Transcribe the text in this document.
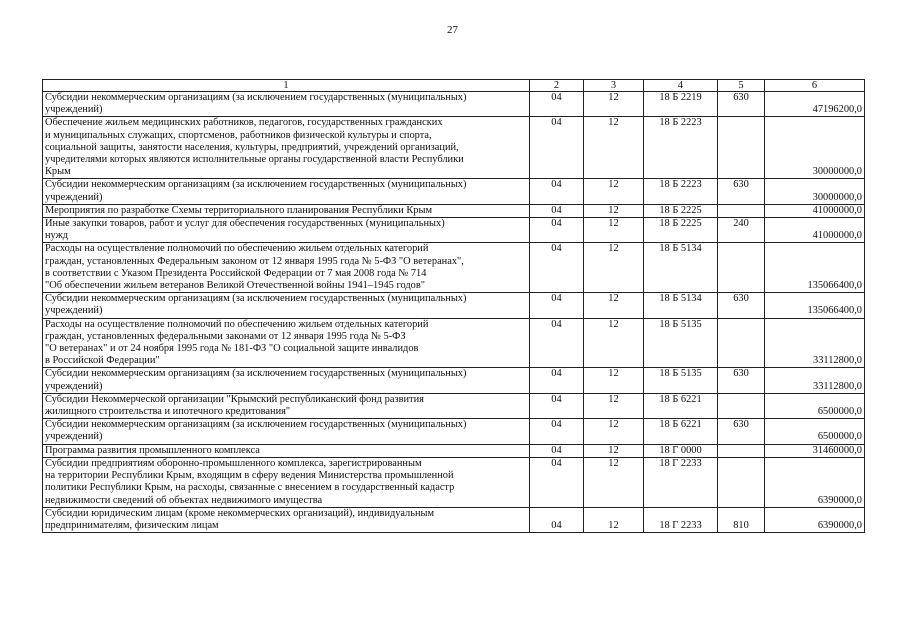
27
1	2	3	4	5	6
Субсидии некоммерческим организациям (за исключением государственных (муниципальных)
учреждений)	04	12	18 Б 2219	630	47196200,0
Обеспечение жильем медицинских работников, педагогов, государственных гражданских
и муниципальных служащих, спортсменов, работников физической культуры и спорта,
социальной защиты, занятости населения, культуры, предприятий, учреждений организаций,
учредителями которых являются исполнительные органы государственной власти Республики
Крым	04	12	18 Б 2223		30000000,0
Субсидии некоммерческим организациям (за исключением государственных (муниципальных)
учреждений)	04	12	18 Б 2223	630	30000000,0
Мероприятия по разработке Схемы территориального планирования Республики Крым	04	12	18 Б 2225		41000000,0
Иные закупки товаров, работ и услуг для обеспечения государственных (муниципальных)
нужд	04	12	18 Б 2225	240	41000000,0
Расходы на осуществление полномочий по обеспечению жильем отдельных категорий
граждан, установленных Федеральным законом от 12 января 1995 года № 5-ФЗ "О ветеранах",
в соответствии с Указом Президента Российской Федерации от 7 мая 2008 года № 714
"Об обеспечении жильем ветеранов Великой Отечественной войны 1941–1945 годов"	04	12	18 Б 5134		135066400,0
Субсидии некоммерческим организациям (за исключением государственных (муниципальных)
учреждений)	04	12	18 Б 5134	630	135066400,0
Расходы на осуществление полномочий по обеспечению жильем отдельных категорий
граждан, установленных федеральными законами от 12 января 1995 года № 5-ФЗ
"О ветеранах" и от 24 ноября 1995 года № 181-ФЗ "О социальной защите инвалидов
в Российской Федерации"	04	12	18 Б 5135		33112800,0
Субсидии некоммерческим организациям (за исключением государственных (муниципальных)
учреждений)	04	12	18 Б 5135	630	33112800,0
Субсидии Некоммерческой организации "Крымский республиканский фонд развития
жилищного строительства и ипотечного кредитования"	04	12	18 Б 6221		6500000,0
Субсидии некоммерческим организациям (за исключением государственных (муниципальных)
учреждений)	04	12	18 Б 6221	630	6500000,0
Программа развития промышленного комплекса	04	12	18 Г 0000		31460000,0
Субсидии предприятиям оборонно-промышленного комплекса, зарегистрированным
на территории Республики Крым, входящим в сферу ведения Министерства промышленной
политики Республики Крым, на расходы, связанные с внесением в государственный кадастр
недвижимости сведений об объектах недвижимого имущества	04	12	18 Г 2233		6390000,0
Субсидии юридическим лицам (кроме некоммерческих организаций), индивидуальным
предпринимателям, физическим лицам	04	12	18 Г 2233	810	6390000,0
